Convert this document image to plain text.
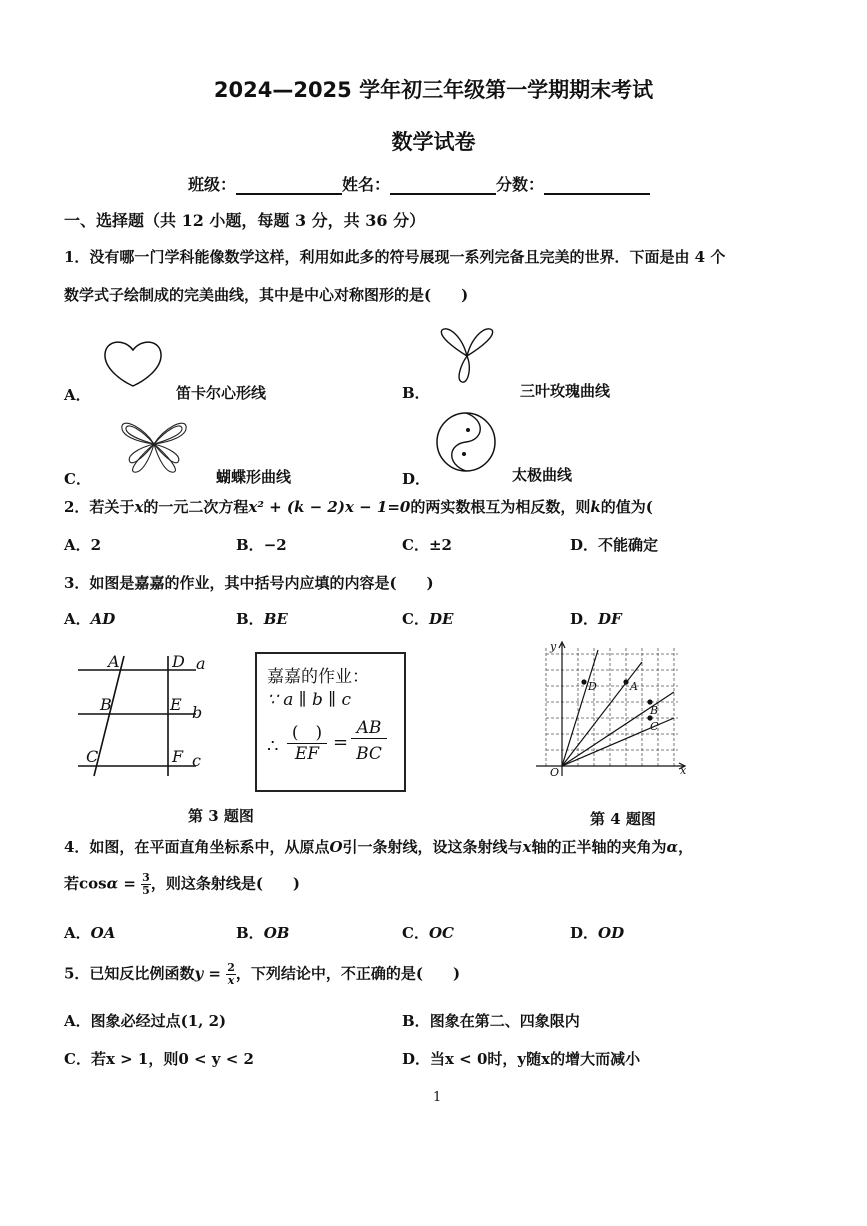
2024—2025 学年初三年级第一学期期末考试
数学试卷
班级：	姓名：	分数：
一、选择题（共 12 小题，每题 3 分，共 36 分）
1．没有哪一门学科能像数学这样，利用如此多的符号展现一系列完备且完美的世界．下面是由 4 个
数学式子绘制成的完美曲线，其中是中心对称图形的是(　　)
A．	笛卡尔心形线	B．	三叶玫瑰曲线
C．	蝴蝶形曲线	D．	太极曲线
2．若关于x的一元二次方程x² + (k − 2)x − 1=0的两实数根互为相反数，则k的值为(
A．2	B．−2	C．±2	D．不能确定
3．如图是嘉嘉的作业，其中括号内应填的内容是(　　)
A．AD	B．BE	C．DE	D．DF
A	D a
B	E b
C	F c
嘉嘉的作业：
∵ a ∥ b ∥ c
∴
(　)
EF
=
AB
BC
第 3 题图
y
x
O
D	A
B
C
第 4 题图
4．如图，在平面直角坐标系中，从原点O引一条射线，设这条射线与x轴的正半轴的夹角为α，
若$\cos\alpha = \frac{3}{5}$ ，则这条射线是(　　)
A．OA	B．OB	C．OC	D．OD
5．已知反比例函数$y = \frac{2}{x}$ ，下列结论中，不正确的是(　　)
A．图象必经过点(1, 2)	B．图象在第二、四象限内
C．若x > 1，则0 < y < 2	D．当x < 0时，y随x的增大而减小
1
